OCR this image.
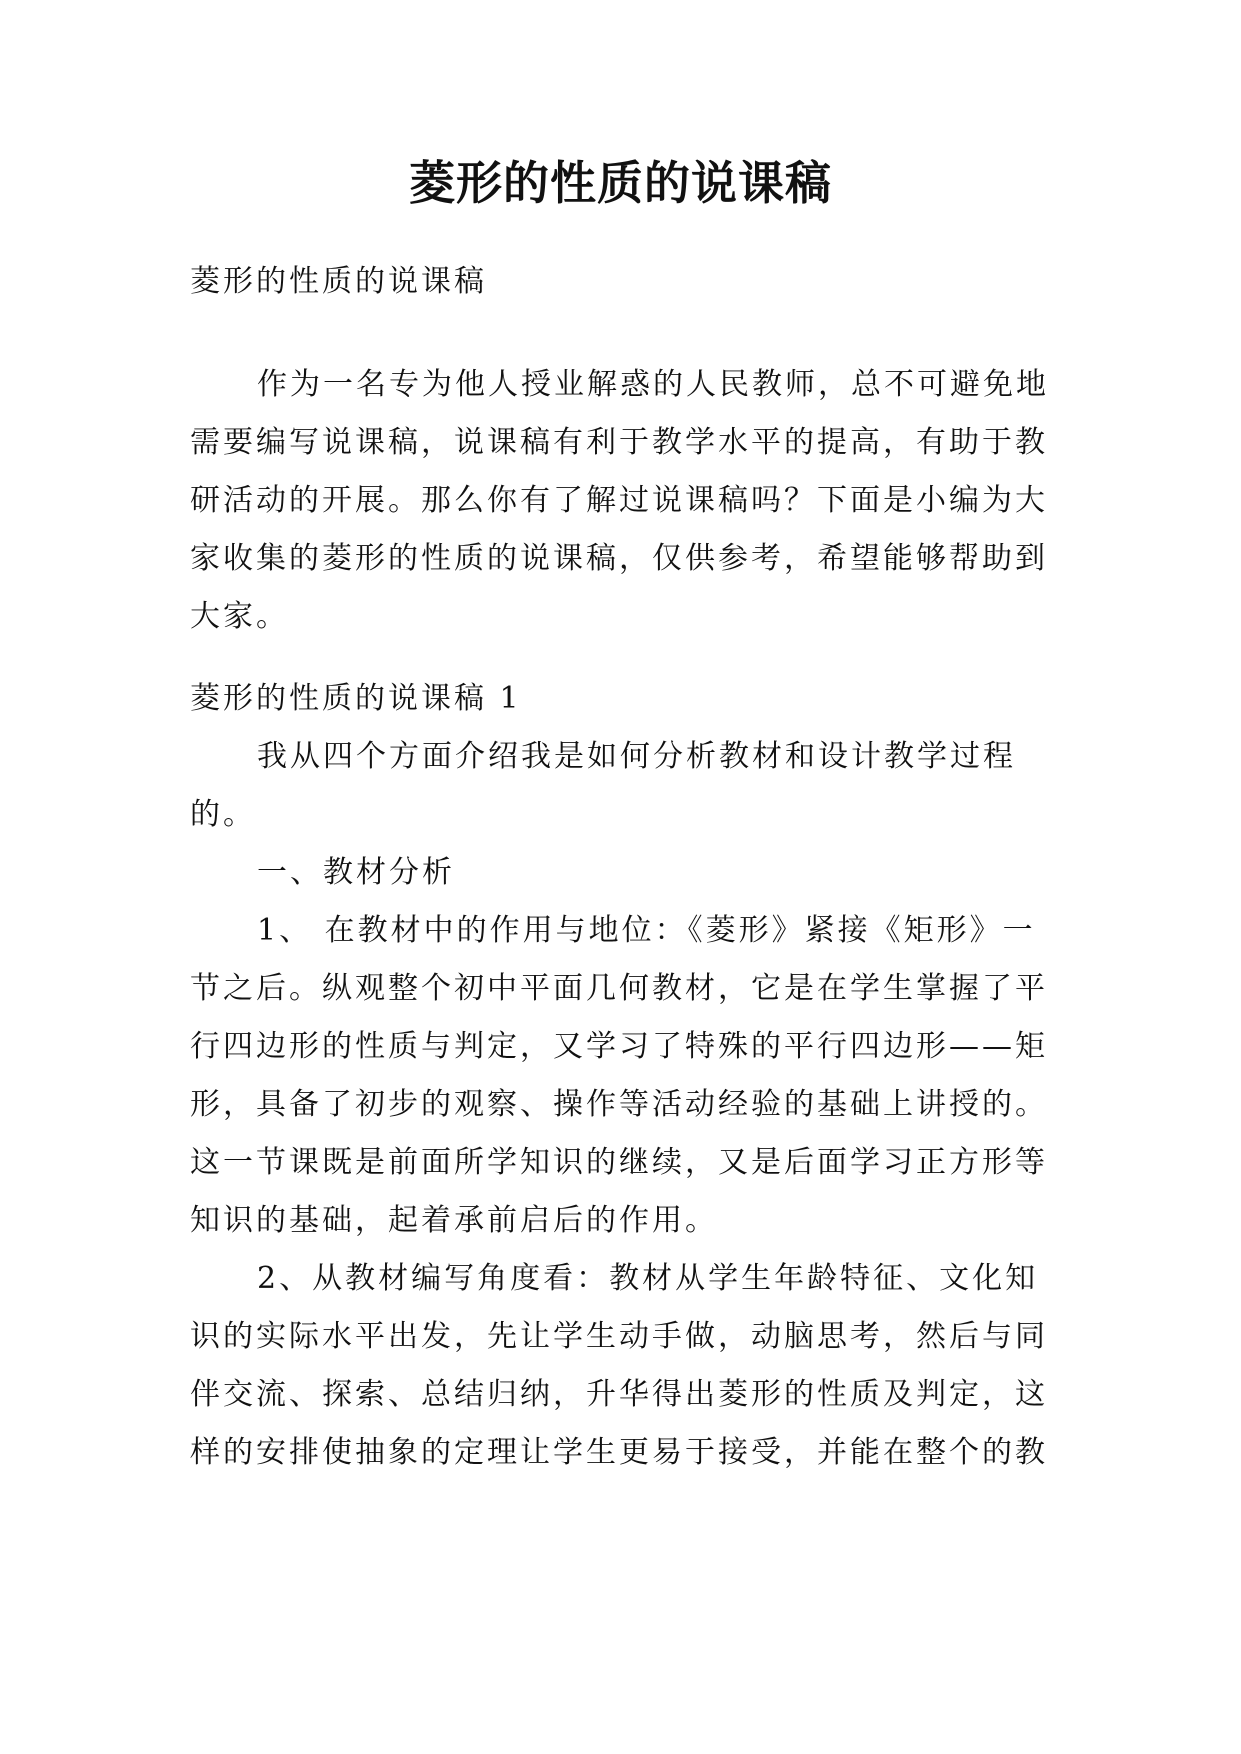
菱形的性质的说课稿
菱形的性质的说课稿
作为一名专为他人授业解惑的人民教师，总不可避免地
需要编写说课稿，说课稿有利于教学水平的提高，有助于教
研活动的开展。那么你有了解过说课稿吗？下面是小编为大
家收集的菱形的性质的说课稿，仅供参考，希望能够帮助到
大家。
菱形的性质的说课稿 1
我从四个方面介绍我是如何分析教材和设计教学过程
的。
一、教材分析
1、 在教材中的作用与地位：《菱形》紧接《矩形》一
节之后。纵观整个初中平面几何教材，它是在学生掌握了平
行四边形的性质与判定，又学习了特殊的平行四边形——矩
形，具备了初步的观察、操作等活动经验的基础上讲授的。
这一节课既是前面所学知识的继续，又是后面学习正方形等
知识的基础，起着承前启后的作用。
2、从教材编写角度看：教材从学生年龄特征、文化知
识的实际水平出发，先让学生动手做，动脑思考，然后与同
伴交流、探索、总结归纳，升华得出菱形的性质及判定，这
样的安排使抽象的定理让学生更易于接受，并能在整个的教
